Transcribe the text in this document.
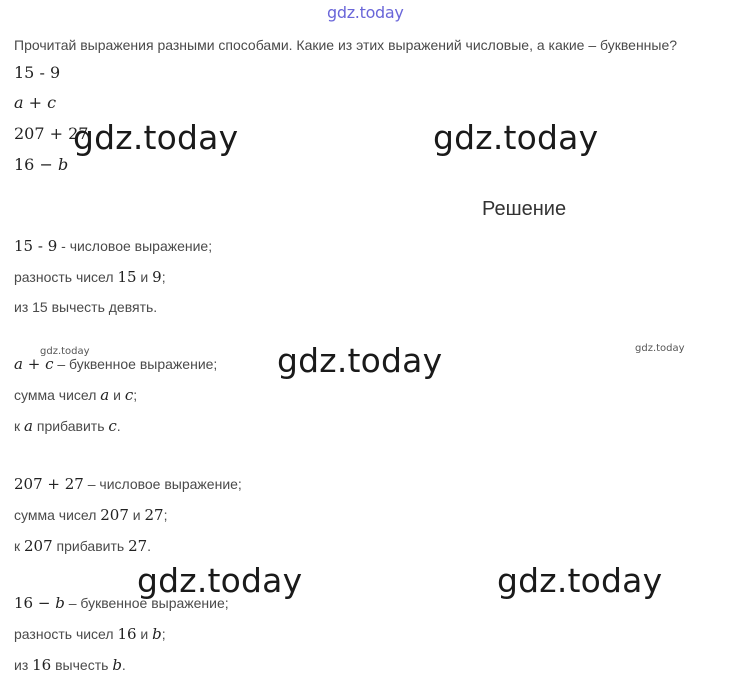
gdz.today
Прочитай выражения разными способами. Какие из этих выражений числовые, а какие – буквенные?
15 - 9
a + c
207 + 27
16 − b
gdz.today	gdz.today
Решение
15 - 9 - числовое выражение;
разность чисел 15 и 9;
из 15 вычесть девять.
gdz.today	gdz.today
gdz.today
a + c – буквенное выражение;
сумма чисел a и c;
к a прибавить c.
207 + 27 – числовое выражение;
сумма чисел 207 и 27;
к 207 прибавить 27.
gdz.today	gdz.today
16 − b – буквенное выражение;
разность чисел 16 и b;
из 16 вычесть b.
